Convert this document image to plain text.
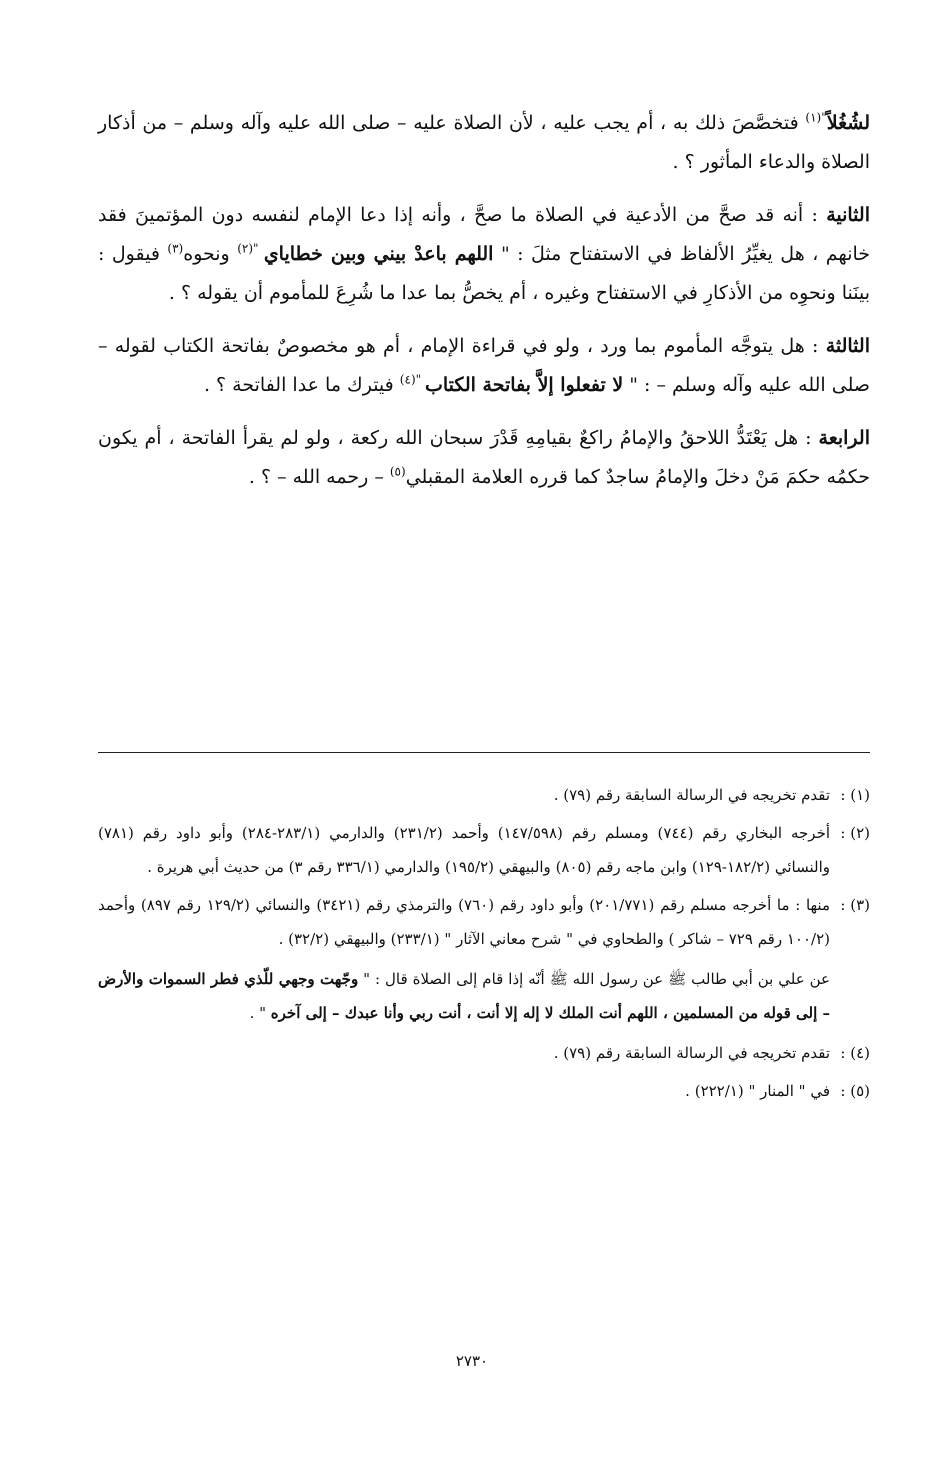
لشُغُلاً$^{"(١)}$ فتخصَّصَ ذلك به ، أم يجب عليه ، لأن الصلاة عليه – صلى الله عليه وآله وسلم – من أذكار الصلاة والدعاء المأثور ؟ .

الثانية : أنه قد صحَّ من الأدعية في الصلاة ما صحَّ ، وأنه إذا دعا الإمام لنفسه دون المؤتمينَ فقد خانهم ، هل يغيِّرُ الألفاظ في الاستفتاح مثلَ : " اللهم باعدْ بيني وبين خطاياي $^{"(٢)}$ ونحوه$^{(٣)}$ فيقول : بينَنا ونحوِه من الأذكارِ في الاستفتاح وغيره ، أم يخصُّ بما عدا ما شُرِعَ للمأموم أن يقوله ؟ .

الثالثة : هل يتوجَّه المأموم بما ورد ، ولو في قراءة الإمام ، أم هو مخصوصٌ بفاتحة الكتاب لقوله – صلى الله عليه وآله وسلم – : " لا تفعلوا إلاَّ بفاتحة الكتاب $^{"(٤)}$ فيترك ما عدا الفاتحة ؟ .

الرابعة : هل يَعْتَدُّ اللاحقُ والإمامُ راكعٌ بقيامِهِ قَدْرَ سبحان الله ركعة ، ولو لم يقرأ الفاتحة ، أم يكون حكمُه حكمَ مَنْ دخلَ والإمامُ ساجدٌ كما قرره العلامة المقبلي$^{(٥)}$ – رحمه الله – ؟ .

(١) :
تقدم تخريجه في الرسالة السابقة رقم (٧٩) .
(٢) :
أخرجه البخاري رقم (٧٤٤) ومسلم رقم (١٤٧/٥٩٨) وأحمد (٢٣١/٢) والدارمي (٢٨٣/١-٢٨٤) وأبو داود رقم (٧٨١) والنسائي (١٨٢/٢-١٢٩) وابن ماجه رقم (٨٠٥) والبيهقي (١٩٥/٢) والدارمي (٣٣٦/١ رقم ٣) من حديث أبي هريرة .
(٣) :
منها : ما أخرجه مسلم رقم (٢٠١/٧٧١) وأبو داود رقم (٧٦٠) والترمذي رقم (٣٤٢١) والنسائي (١٢٩/٢ رقم ٨٩٧) وأحمد (١٠٠/٢ رقم ٧٢٩ – شاكر ) والطحاوي في " شرح معاني الآثار " (٢٣٣/١) والبيهقي (٣٢/٢) .
عن علي بن أبي طالب ﷺ عن رسول الله ﷺ أنّه إذا قام إلى الصلاة قال : " وجّهت وجهي للّذي فطر السموات والأرض – إلى قوله من المسلمين ، اللهم أنت الملك لا إله إلا أنت ، أنت ربي وأنا عبدك – إلى آخره " .
(٤) :
تقدم تخريجه في الرسالة السابقة رقم (٧٩) .
(٥) :
في " المنار " (٢٢٢/١) .
٢٧٣٠
